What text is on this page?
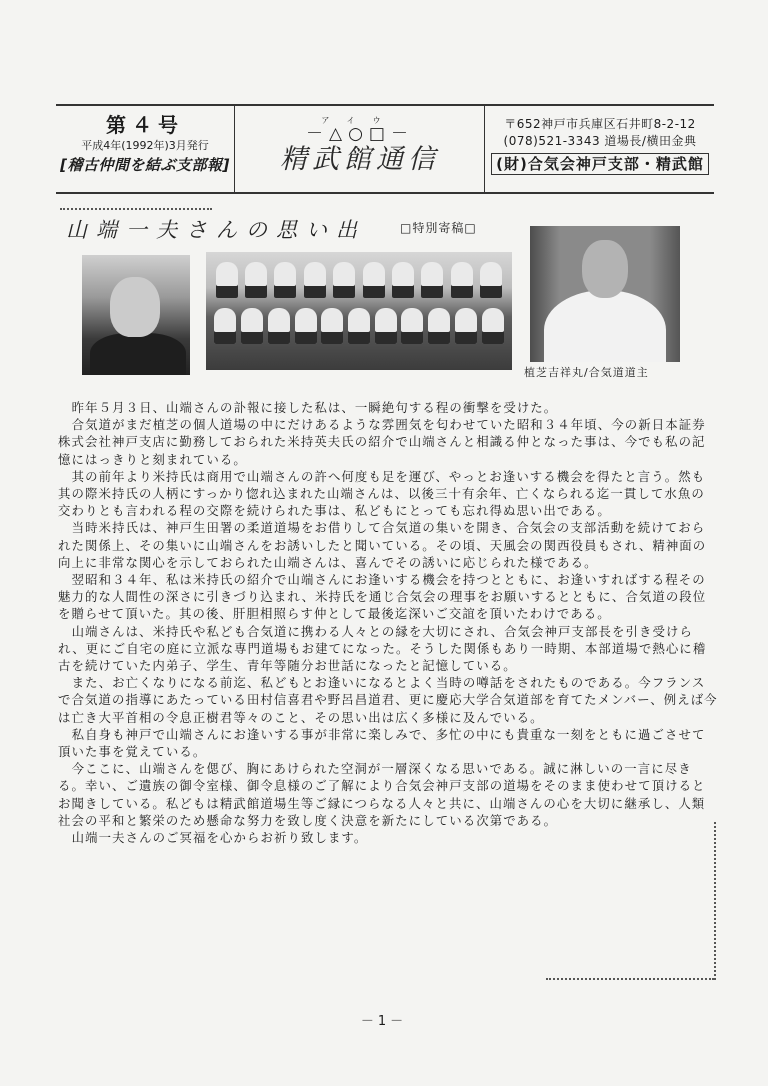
第４号
平成4年(1992年)3月発行
[稽古仲間を結ぶ支部報]
アイウ
－△○□－
精武館通信
〒652神戸市兵庫区石井町8-2-12
(078)521-3343 道場長/横田金典
(財)合気会神戸支部・精武館
山端一夫さんの思い出	□特別寄稿□
植芝吉祥丸/合気道道主

昨年５月３日、山端さんの訃報に接した私は、一瞬絶句する程の衝撃を受けた。

合気道がまだ植芝の個人道場の中にだけあるような雰囲気を匂わせていた昭和３４年頃、今の新日本証券株式会社神戸支店に勤務しておられた米持英夫氏の紹介で山端さんと相識る仲となった事は、今でも私の記憶にはっきりと刻まれている。

其の前年より米持氏は商用で山端さんの許へ何度も足を運び、やっとお逢いする機会を得たと言う。然も其の際米持氏の人柄にすっかり惚れ込まれた山端さんは、以後三十有余年、亡くなられる迄一貫して水魚の交わりとも言われる程の交際を続けられた事は、私どもにとっても忘れ得ぬ思い出である。

当時米持氏は、神戸生田署の柔道道場をお借りして合気道の集いを開き、合気会の支部活動を続けておられた関係上、その集いに山端さんをお誘いしたと聞いている。その頃、天風会の関西役員もされ、精神面の向上に非常な関心を示しておられた山端さんは、喜んでその誘いに応じられた様である。

翌昭和３４年、私は米持氏の紹介で山端さんにお逢いする機会を持つとともに、お逢いすればする程その魅力的な人間性の深さに引きづり込まれ、米持氏を通じ合気会の理事をお願いするとともに、合気道の段位を贈らせて頂いた。其の後、肝胆相照らす仲として最後迄深いご交誼を頂いたわけである。

山端さんは、米持氏や私ども合気道に携わる人々との縁を大切にされ、合気会神戸支部長を引き受けられ、更にご自宅の庭に立派な専門道場もお建てになった。そうした関係もあり一時期、本部道場で熱心に稽古を続けていた内弟子、学生、青年等随分お世話になったと記憶している。

また、お亡くなりになる前迄、私どもとお逢いになるとよく当時の噂話をされたものである。今フランスで合気道の指導にあたっている田村信喜君や野呂昌道君、更に慶応大学合気道部を育てたメンバー、例えば今は亡き大平首相の令息正樹君等々のこと、その思い出は広く多様に及んでいる。

私自身も神戸で山端さんにお逢いする事が非常に楽しみで、多忙の中にも貴重な一刻をともに過ごさせて頂いた事を覚えている。

今ここに、山端さんを偲び、胸にあけられた空洞が一層深くなる思いである。誠に淋しいの一言に尽きる。幸い、ご遺族の御令室様、御令息様のご了解により合気会神戸支部の道場をそのまま使わせて頂けるとお聞きしている。私どもは精武館道場生等ご縁につらなる人々と共に、山端さんの心を大切に継承し、人類社会の平和と繁栄のため懸命な努力を致し度く決意を新たにしている次第である。

山端一夫さんのご冥福を心からお祈り致します。

－1－
